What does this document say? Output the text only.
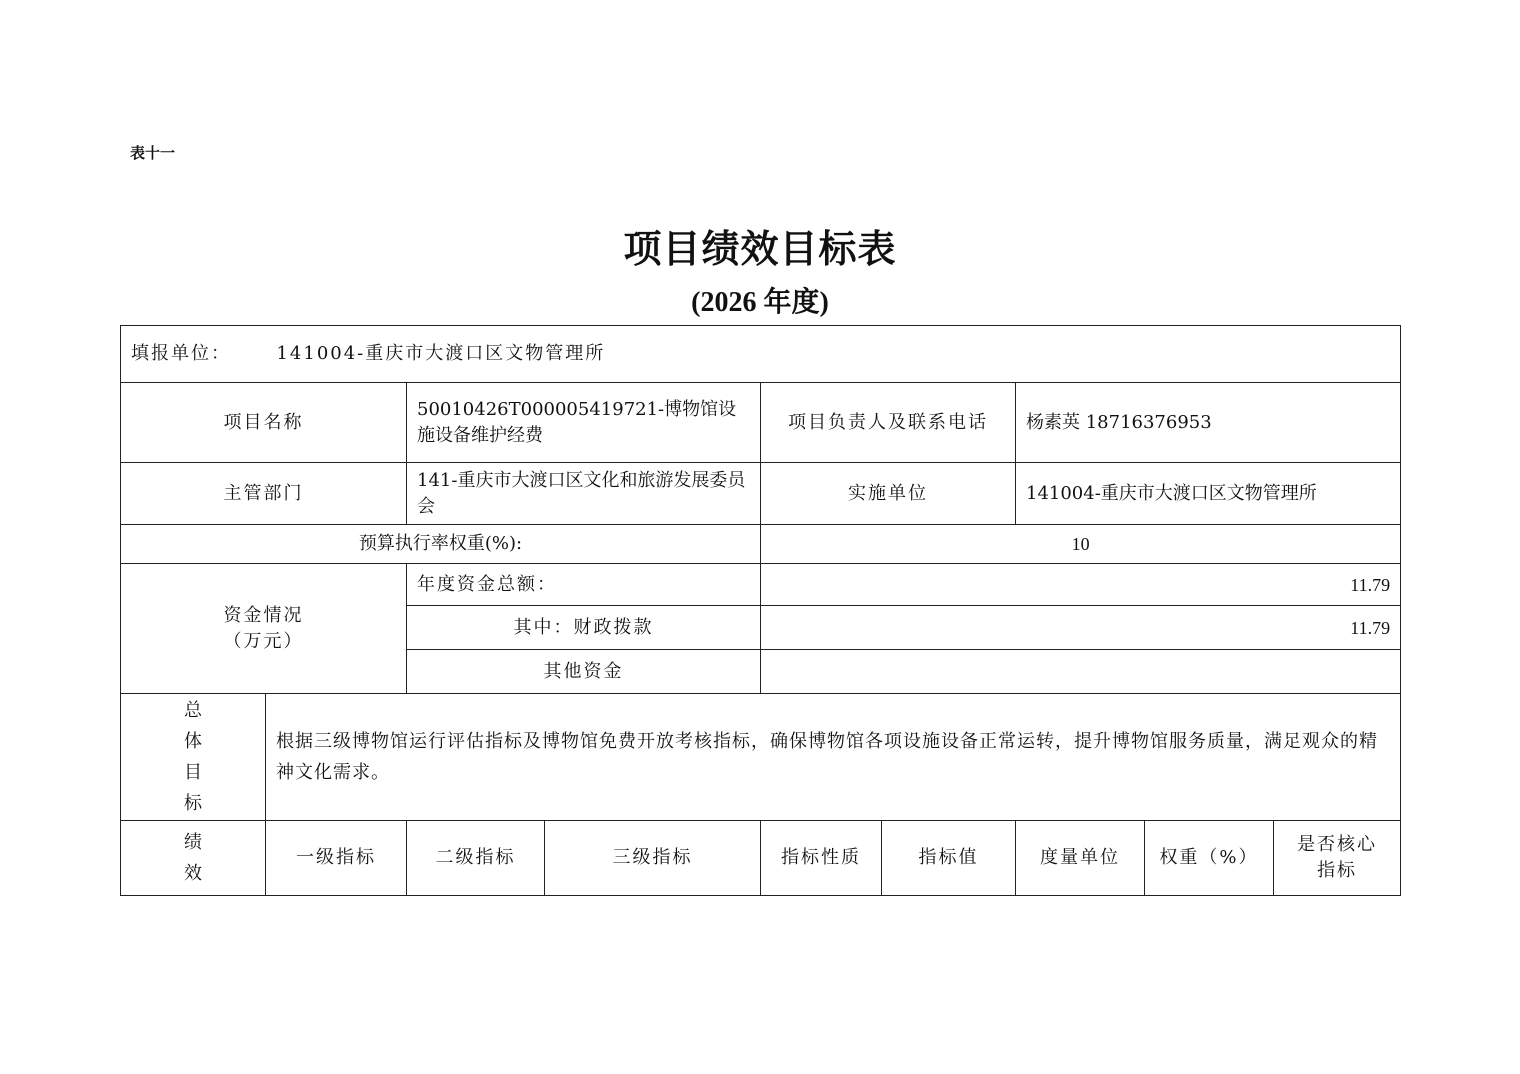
表十一
项目绩效目标表
(2026 年度)
填报单位： 141004-重庆市大渡口区文物管理所								
项目名称		50010426T000005419721-博物馆设施设备维护经费		项目负责人及联系电话		杨素英 18716376953		
主管部门		141-重庆市大渡口区文化和旅游发展委员会		实施单位		141004-重庆市大渡口区文物管理所		
预算执行率权重(%):				10				

资金情况
（万元）		年度资金总额：		11.79				
		其中：财政拨款		11.79				
		其他资金						

总
体
目
标	根据三级博物馆运行评估指标及博物馆免费开放考核指标，确保博物馆各项设施设备正常运转，提升博物馆服务质量，满足观众的精神文化需求。							

绩
效	一级指标	二级指标	三级指标	指标性质	指标值	度量单位	权重（%）	是否核心指标
